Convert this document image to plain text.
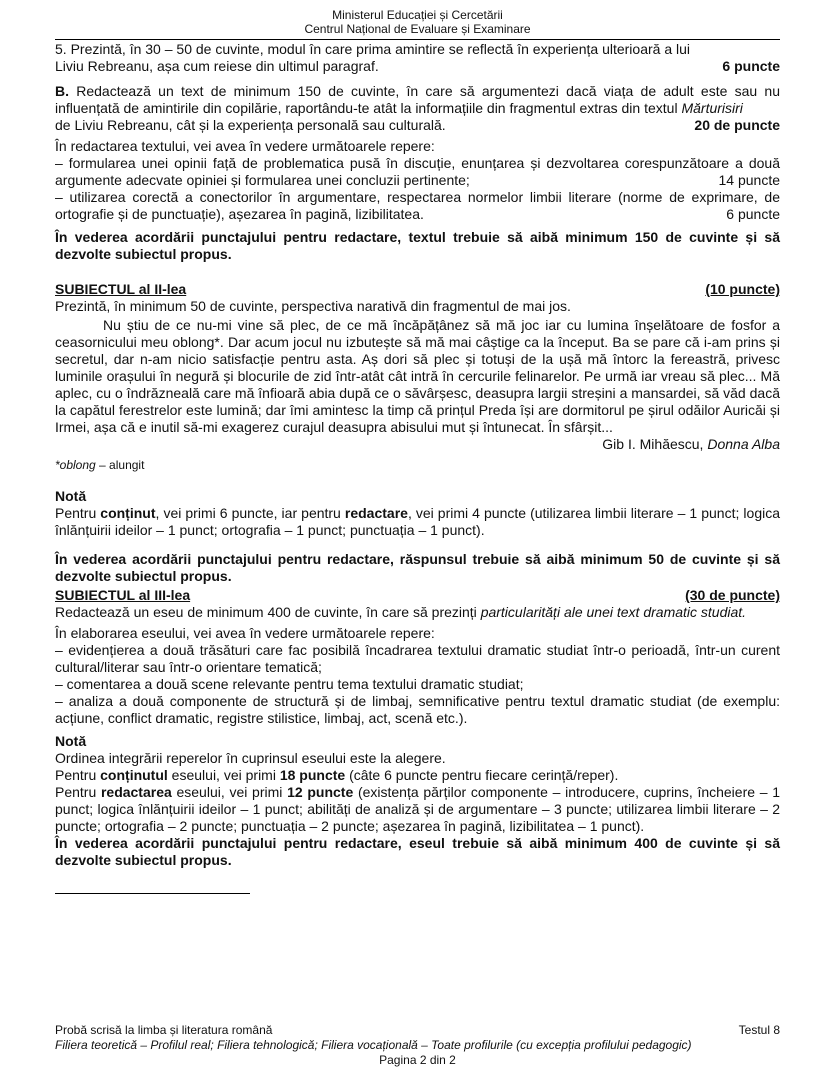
Ministerul Educației și Cercetării
Centrul Național de Evaluare și Examinare

5. Prezintă, în 30 – 50 de cuvinte, modul în care prima amintire se reflectă în experiența ulterioară a lui

Liviu Rebreanu, așa cum reiese din ultimul paragraf.	6 puncte

B. Redactează un text de minimum 150 de cuvinte, în care să argumentezi dacă viața de adult este sau nu influențată de amintirile din copilărie, raportându-te atât la informațiile din fragmentul extras din textul Mărturisiri

de Liviu Rebreanu, cât și la experiența personală sau culturală.	20 de puncte

În redactarea textului, vei avea în vedere următoarele repere:

– formularea unei opinii față de problematica pusă în discuție, enunțarea și dezvoltarea corespunzătoare a două argumente adecvate opiniei și formularea unei concluzii pertinente;	14 puncte

– utilizarea corectă a conectorilor în argumentare, respectarea normelor limbii literare (norme de exprimare, de ortografie și de punctuație), așezarea în pagină, lizibilitatea.	6 puncte

În vederea acordării punctajului pentru redactare, textul trebuie să aibă minimum 150 de cuvinte și să dezvolte subiectul propus.

SUBIECTUL al II-lea	(10 puncte)

Prezintă, în minimum 50 de cuvinte, perspectiva narativă din fragmentul de mai jos.

Nu știu de ce nu-mi vine să plec, de ce mă încăpățânez să mă joc iar cu lumina înșelătoare de fosfor a ceasornicului meu oblong*. Dar acum jocul nu izbutește să mă mai câștige ca la început. Ba se pare că i-am prins și secretul, dar n-am nicio satisfacție pentru asta. Aș dori să plec și totuși de la ușă mă întorc la fereastră, privesc luminile orașului în negură și blocurile de zid într-atât cât intră în cercurile felinarelor. Pe urmă iar vreau să plec... Mă aplec, cu o îndrăzneală care mă înfioară abia după ce o săvârșesc, deasupra largii streșini a mansardei, să văd dacă la capătul ferestrelor este lumină; dar îmi amintesc la timp că prințul Preda își are dormitorul pe șirul odăilor Auricăi și Irmei, așa că e inutil să-mi exagerez curajul deasupra abisului mut și întunecat. În sfârșit...

Gib I. Mihăescu, Donna Alba

*oblong – alungit

Notă

Pentru conținut, vei primi 6 puncte, iar pentru redactare, vei primi 4 puncte (utilizarea limbii literare – 1 punct; logica înlănțuirii ideilor – 1 punct; ortografia – 1 punct; punctuația – 1 punct).

În vederea acordării punctajului pentru redactare, răspunsul trebuie să aibă minimum 50 de cuvinte și să dezvolte subiectul propus.

SUBIECTUL al III-lea	(30 de puncte)

Redactează un eseu de minimum 400 de cuvinte, în care să prezinți particularități ale unei text dramatic studiat.

În elaborarea eseului, vei avea în vedere următoarele repere:

– evidențierea a două trăsături care fac posibilă încadrarea textului dramatic studiat într-o perioadă, într-un curent cultural/literar sau într-o orientare tematică;

– comentarea a două scene relevante pentru tema textului dramatic studiat;

– analiza a două componente de structură și de limbaj, semnificative pentru textul dramatic studiat (de exemplu: acțiune, conflict dramatic, registre stilistice, limbaj, act, scenă etc.).

Notă

Ordinea integrării reperelor în cuprinsul eseului este la alegere.

Pentru conținutul eseului, vei primi 18 puncte (câte 6 puncte pentru fiecare cerință/reper).

Pentru redactarea eseului, vei primi 12 puncte (existența părților componente – introducere, cuprins, încheiere – 1 punct; logica înlănțuirii ideilor – 1 punct; abilități de analiză și de argumentare – 3 puncte; utilizarea limbii literare – 2 puncte; ortografia – 2 puncte; punctuația – 2 puncte; așezarea în pagină, lizibilitatea – 1 punct).

În vederea acordării punctajului pentru redactare, eseul trebuie să aibă minimum 400 de cuvinte și să dezvolte subiectul propus.

Probă scrisă la limba și literatura română	Testul 8
Filiera teoretică – Profilul real; Filiera tehnologică; Filiera vocațională – Toate profilurile (cu excepția profilului pedagogic)
Pagina 2 din 2
